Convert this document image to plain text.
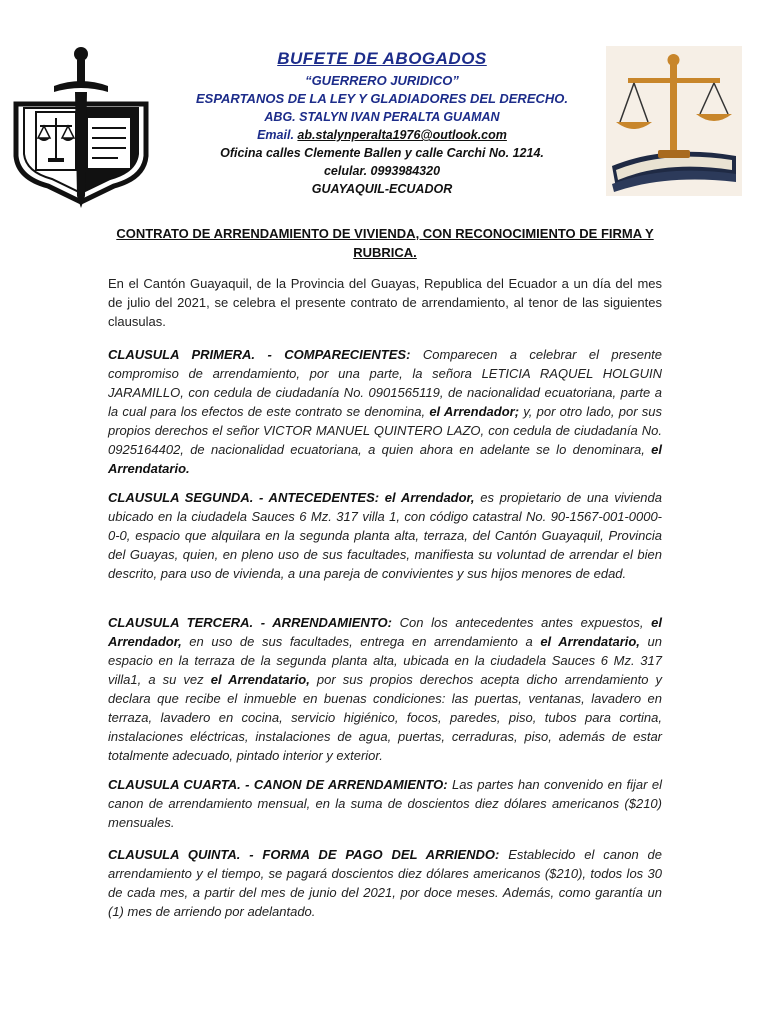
BUFETE DE ABOGADOS
“GUERRERO JURIDICO”
ESPARTANOS DE LA LEY Y GLADIADORES DEL DERECHO.
ABG. STALYN IVAN PERALTA GUAMAN
Email. ab.stalynperalta1976@outlook.com
Oficina calles Clemente Ballen y calle Carchi No. 1214.
celular. 0993984320
GUAYAQUIL-ECUADOR
CONTRATO DE ARRENDAMIENTO DE VIVIENDA, CON RECONOCIMIENTO DE FIRMA Y RUBRICA.
En el Cantón Guayaquil, de la Provincia del Guayas, Republica del Ecuador a un día del mes de julio del 2021, se celebra el presente contrato de arrendamiento, al tenor de las siguientes clausulas.
CLAUSULA PRIMERA. - COMPARECIENTES: Comparecen a celebrar el presente compromiso de arrendamiento, por una parte, la señora LETICIA RAQUEL HOLGUIN JARAMILLO, con cedula de ciudadanía No. 0901565119, de nacionalidad ecuatoriana, parte a la cual para los efectos de este contrato se denomina, el Arrendador; y, por otro lado, por sus propios derechos el señor VICTOR MANUEL QUINTERO LAZO, con cedula de ciudadanía No. 0925164402, de nacionalidad ecuatoriana, a quien ahora en adelante se lo denominara, el Arrendatario.
CLAUSULA SEGUNDA. - ANTECEDENTES: el Arrendador, es propietario de una vivienda ubicado en la ciudadela Sauces 6 Mz. 317 villa 1, con código catastral No. 90-1567-001-0000-0-0, espacio que alquilara en la segunda planta alta, terraza, del Cantón Guayaquil, Provincia del Guayas, quien, en pleno uso de sus facultades, manifiesta su voluntad de arrendar el bien descrito, para uso de vivienda, a una pareja de convivientes y sus hijos menores de edad.
CLAUSULA TERCERA. - ARRENDAMIENTO: Con los antecedentes antes expuestos, el Arrendador, en uso de sus facultades, entrega en arrendamiento a el Arrendatario, un espacio en la terraza de la segunda planta alta, ubicada en la ciudadela Sauces 6 Mz. 317 villa1, a su vez el Arrendatario, por sus propios derechos acepta dicho arrendamiento y declara que recibe el inmueble en buenas condiciones: las puertas, ventanas, lavadero en terraza, lavadero en cocina, servicio higiénico, focos, paredes, piso, tubos para cortina, instalaciones eléctricas, instalaciones de agua, puertas, cerraduras, piso, además de estar totalmente adecuado, pintado interior y exterior.
CLAUSULA CUARTA. - CANON DE ARRENDAMIENTO: Las partes han convenido en fijar el canon de arrendamiento mensual, en la suma de doscientos diez dólares americanos ($210) mensuales.
CLAUSULA QUINTA. - FORMA DE PAGO DEL ARRIENDO: Establecido el canon de arrendamiento y el tiempo, se pagará doscientos diez dólares americanos ($210), todos los 30 de cada mes, a partir del mes de junio del 2021, por doce meses. Además, como garantía un (1) mes de arriendo por adelantado.
